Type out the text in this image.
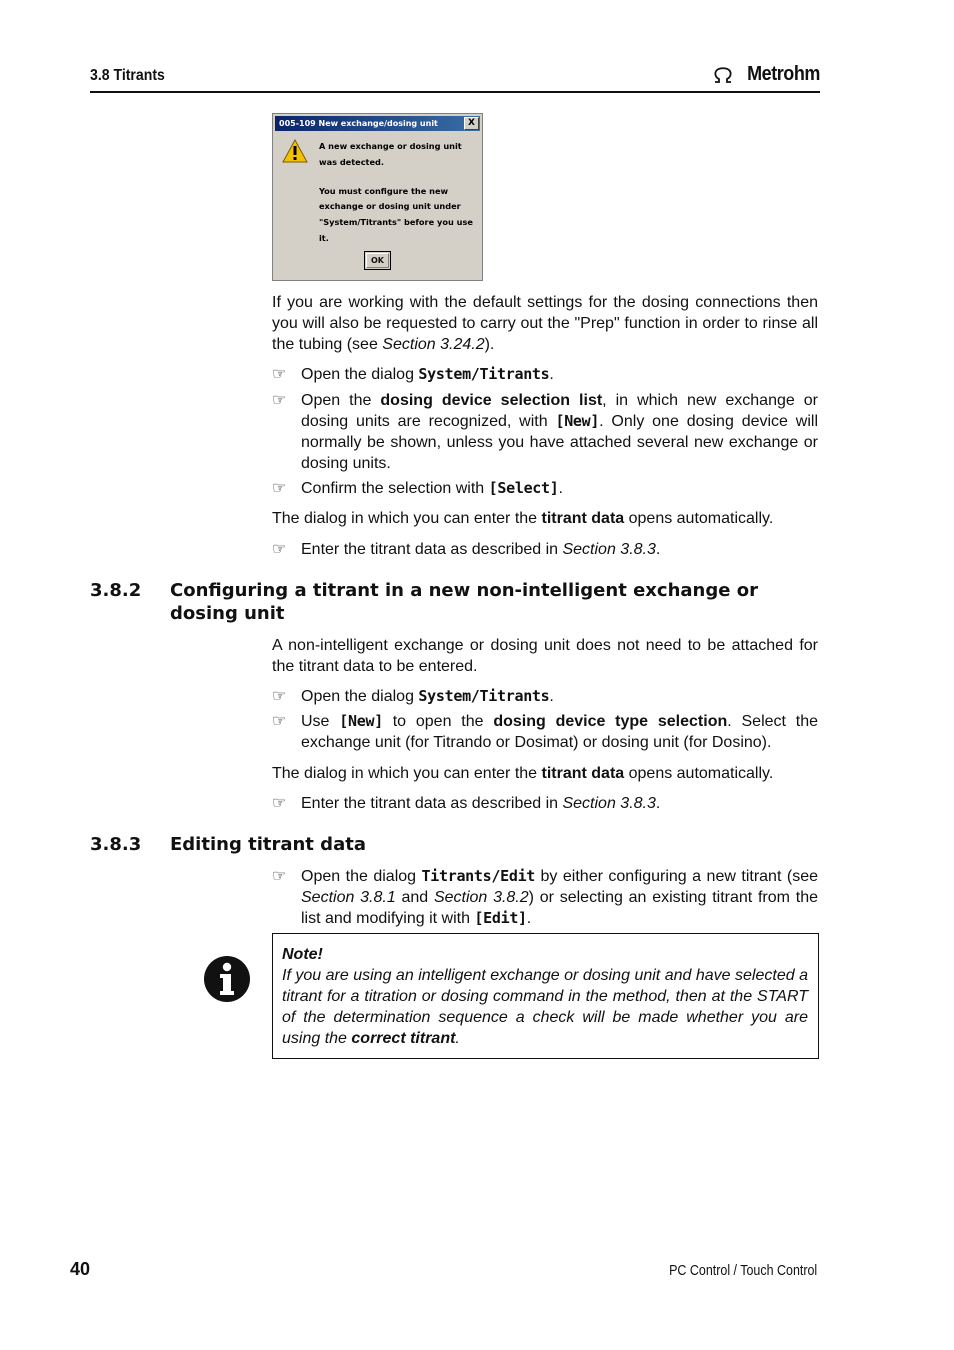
3.8 Titrants	Metrohm
005-109 New exchange/dosing unit	X

A new exchange or dosing unit was detected.

You must configure the new exchange or dosing unit under "System/Titrants" before you use it.

OK

If you are working with the default settings for the dosing connections then you will also be requested to carry out the "Prep" function in order to rinse all the tubing (see Section 3.24.2).

☞ Open the dialog System/Titrants.
☞ Open the dosing device selection list, in which new exchange or dosing units are recognized, with [New]. Only one dosing device will normally be shown, unless you have attached several new exchange or dosing units.
☞ Confirm the selection with [Select].

The dialog in which you can enter the titrant data opens automatically.

☞ Enter the titrant data as described in Section 3.8.3.
3.8.2 Configuring a titrant in a new non-intelligent exchange or dosing unit

A non-intelligent exchange or dosing unit does not need to be attached for the titrant data to be entered.

☞ Open the dialog System/Titrants.
☞ Use [New] to open the dosing device type selection. Select the exchange unit (for Titrando or Dosimat) or dosing unit (for Dosino).

The dialog in which you can enter the titrant data opens automatically.

☞ Enter the titrant data as described in Section 3.8.3.
3.8.3 Editing titrant data
☞ Open the dialog Titrants/Edit by either configuring a new titrant (see Section 3.8.1 and Section 3.8.2) or selecting an existing titrant from the list and modifying it with [Edit].
Note!
If you are using an intelligent exchange or dosing unit and have selected a titrant for a titration or dosing command in the method, then at the START of the determination sequence a check will be made whether you are using the correct titrant.
40	PC Control / Touch Control
